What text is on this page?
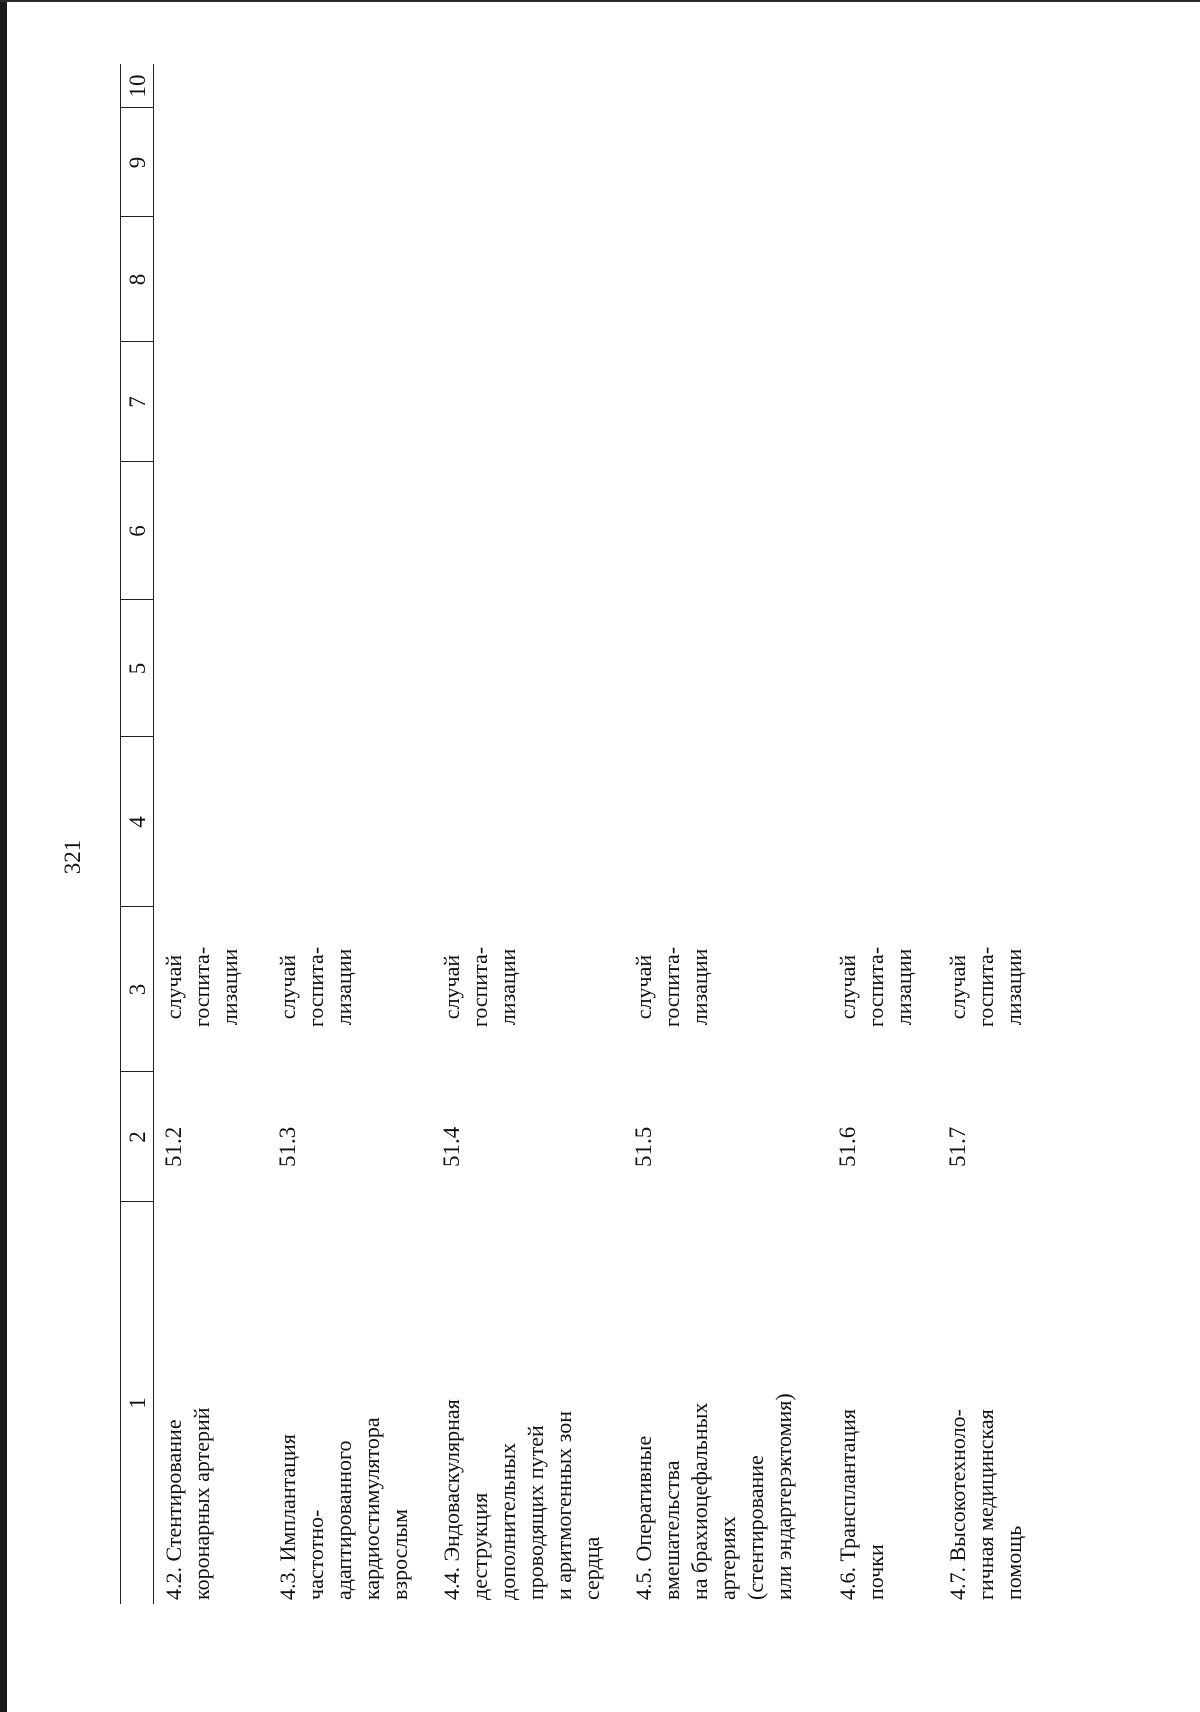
321
1
2
3
4
5
6
7
8
9
10
4.2. Стентирование
коронарных артерий
51.2
случай
госпита-
лизации
4.3. Имплантация
частотно-
адаптированного
кардиостимулятора
взрослым
51.3
случай
госпита-
лизации
4.4. Эндоваскулярная
деструкция
дополнительных
проводящих путей
и аритмогенных зон
сердца
51.4
случай
госпита-
лизации
4.5. Оперативные
вмешательства
на брахиоцефальных
артериях
(стентирование
или эндартерэктомия)
51.5
случай
госпита-
лизации
4.6. Трансплантация
почки
51.6
случай
госпита-
лизации
4.7. Высокотехноло-
гичная медицинская
помощь
51.7
случай
госпита-
лизации
